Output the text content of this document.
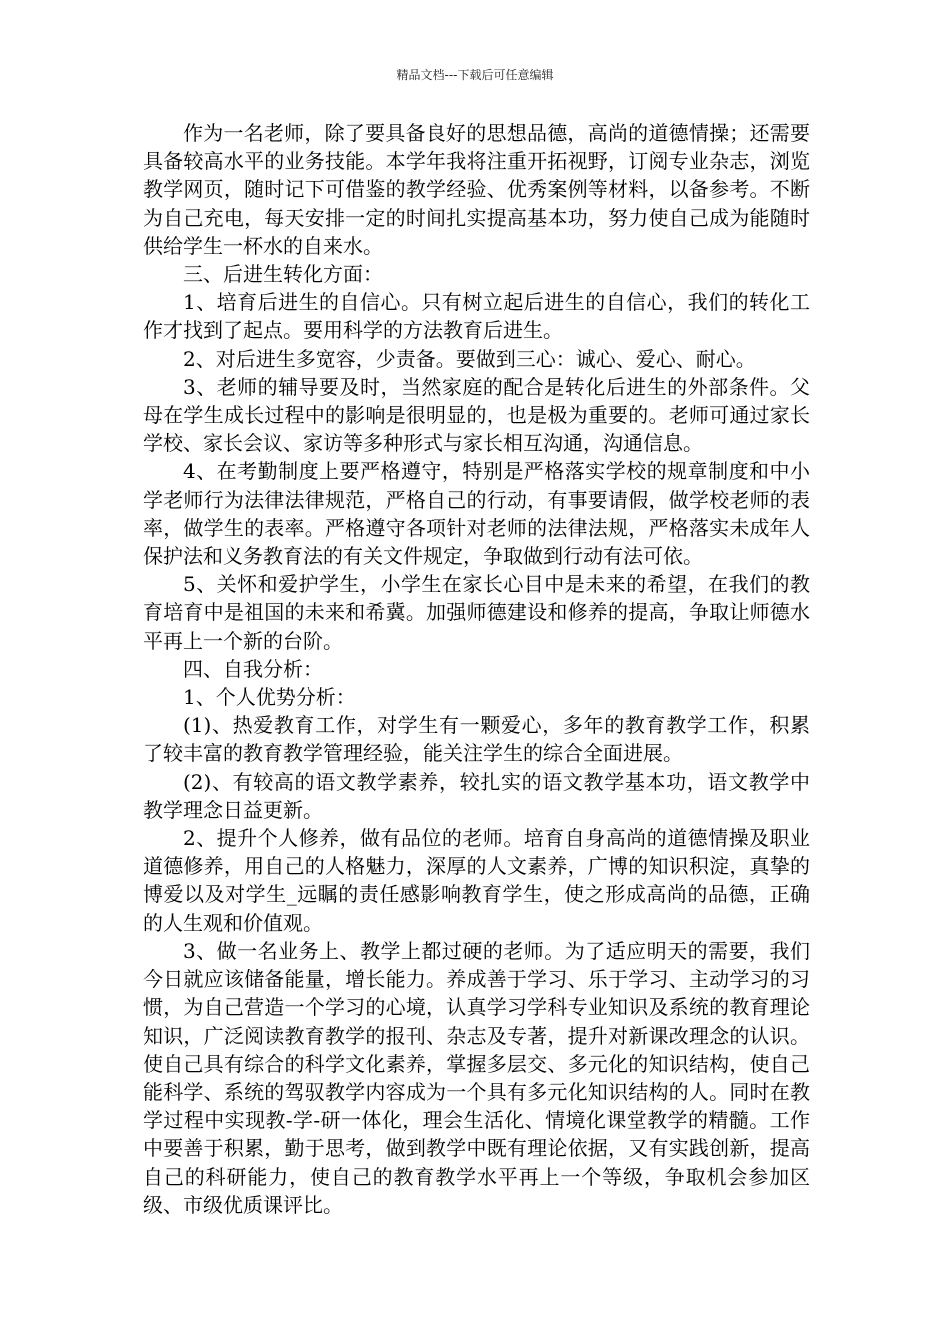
精品文档---下载后可任意编辑

作为一名老师，除了要具备良好的思想品德，高尚的道德情操；还需要具备较高水平的业务技能。本学年我将注重开拓视野，订阅专业杂志，浏览教学网页，随时记下可借鉴的教学经验、优秀案例等材料，以备参考。不断为自己充电，每天安排一定的时间扎实提高基本功，努力使自己成为能随时供给学生一杯水的自来水。

三、后进生转化方面：

1、培育后进生的自信心。只有树立起后进生的自信心，我们的转化工作才找到了起点。要用科学的方法教育后进生。

2、对后进生多宽容，少责备。要做到三心：诚心、爱心、耐心。

3、老师的辅导要及时，当然家庭的配合是转化后进生的外部条件。父母在学生成长过程中的影响是很明显的，也是极为重要的。老师可通过家长学校、家长会议、家访等多种形式与家长相互沟通，沟通信息。

4、在考勤制度上要严格遵守，特别是严格落实学校的规章制度和中小学老师行为法律法律规范，严格自己的行动，有事要请假，做学校老师的表率，做学生的表率。严格遵守各项针对老师的法律法规，严格落实未成年人保护法和义务教育法的有关文件规定，争取做到行动有法可依。

5、关怀和爱护学生，小学生在家长心目中是未来的希望，在我们的教育培育中是祖国的未来和希冀。加强师德建设和修养的提高，争取让师德水平再上一个新的台阶。

四、自我分析：

1、个人优势分析：

(1)、热爱教育工作，对学生有一颗爱心，多年的教育教学工作，积累了较丰富的教育教学管理经验，能关注学生的综合全面进展。

(2)、有较高的语文教学素养，较扎实的语文教学基本功，语文教学中教学理念日益更新。

2、提升个人修养，做有品位的老师。培育自身高尚的道德情操及职业道德修养，用自己的人格魅力，深厚的人文素养，广博的知识积淀，真挚的博爱以及对学生_远瞩的责任感影响教育学生，使之形成高尚的品德，正确的人生观和价值观。

3、做一名业务上、教学上都过硬的老师。为了适应明天的需要，我们今日就应该储备能量，增长能力。养成善于学习、乐于学习、主动学习的习惯，为自己营造一个学习的心境，认真学习学科专业知识及系统的教育理论知识，广泛阅读教育教学的报刊、杂志及专著，提升对新课改理念的认识。使自己具有综合的科学文化素养，掌握多层交、多元化的知识结构，使自己能科学、系统的驾驭教学内容成为一个具有多元化知识结构的人。同时在教学过程中实现教-学-研一体化，理会生活化、情境化课堂教学的精髓。工作中要善于积累，勤于思考，做到教学中既有理论依据，又有实践创新，提高自己的科研能力，使自己的教育教学水平再上一个等级，争取机会参加区级、市级优质课评比。
